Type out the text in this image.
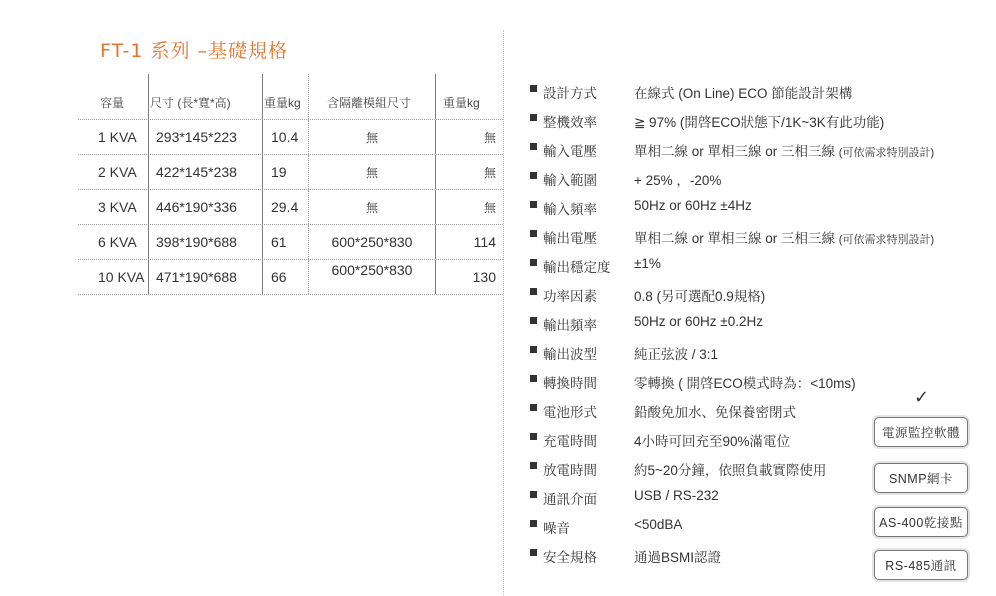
FT-1 系列 –基礎規格
容量 尺寸 (長*寬*高)	重量kg 含隔離模組尺寸	重量kg
1 KVA 293*145*223 10.4	無	無
2 KVA 422*145*238 19	無	無
3 KVA 446*190*336 29.4	無	無
6 KVA 398*190*688 61	600*250*830	114
10 KVA 471*190*688 66	600*250*830	130
設計方式	在線式 (On Line) ECO 節能設計架構
整機效率	≧ 97% (開啓ECO狀態下/1K~3K有此功能)
輸入電壓	單相二線 or 單相三線 or 三相三線 (可依需求特別設計)
輸入範圍	+ 25% ，-20%
輸入頻率	50Hz or 60Hz ±4Hz
輸出電壓	單相二線 or 單相三線 or 三相三線 (可依需求特別設計)
輸出穩定度 ±1%
功率因素	0.8 (另可選配0.9規格)
輸出頻率	50Hz or 60Hz ±0.2Hz
輸出波型	純正弦波 / 3:1
轉換時間	零轉換 ( 開啓ECO模式時為：<10ms)
電池形式	鉛酸免加水、免保養密閉式
充電時間	4小時可回充至90%滿電位
放電時間	約5~20分鐘，依照負載實際使用
通訊介面	USB / RS-232
噪音	<50dBA
安全規格	通過BSMI認證
✓
電源監控軟體
SNMP網卡
AS-400乾接點
RS-485通訊
